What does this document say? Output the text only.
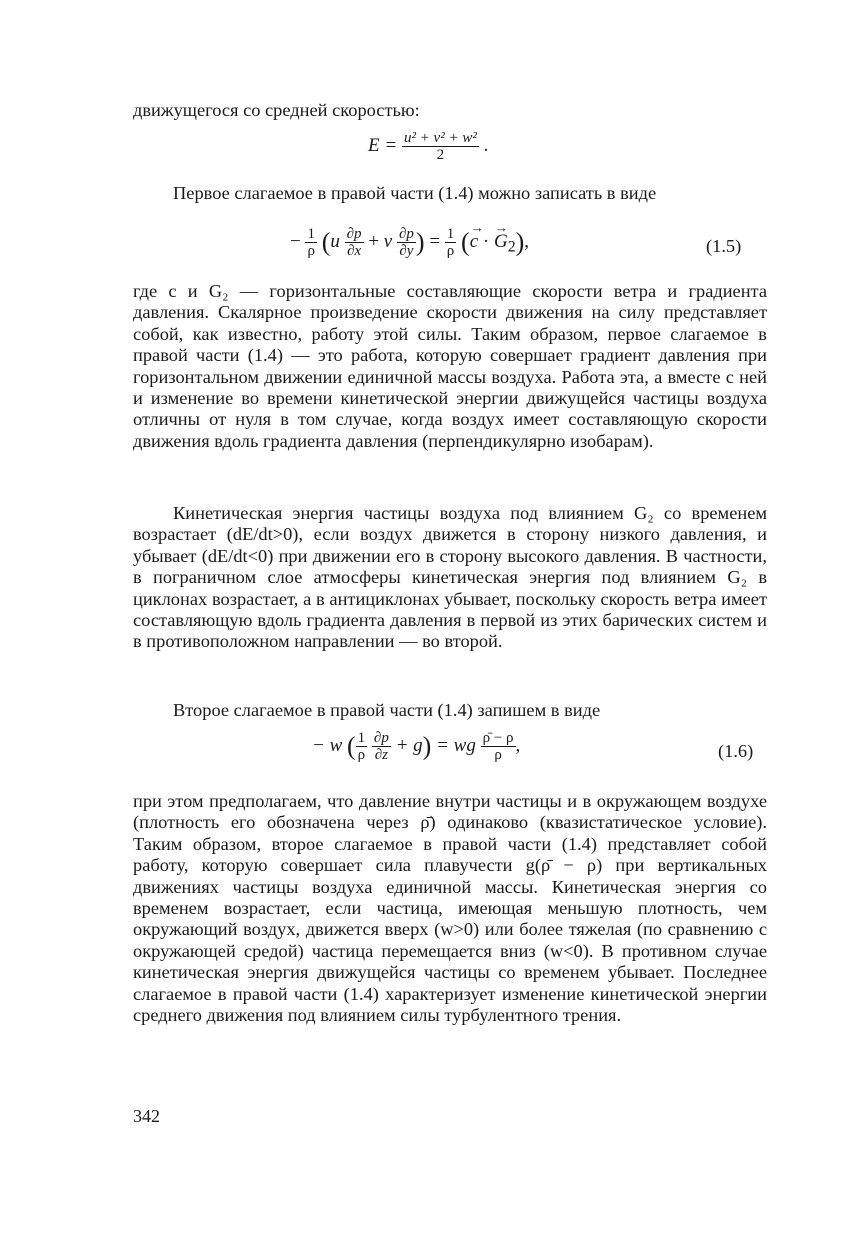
движущегося со средней скоростью:

$E = \frac{\text{u² + v² + w²}}{2}$ .

Первое слагаемое в правой части (1.4) можно записать в виде

− $\frac{1}{\rho} (u \frac{\partial p}{\partial x} + v \frac{\partial p}{\partial y}$ ) = $\frac{1}{\rho}$ (→ c · → $G_2$),	(1.5)

где c и G₂ — горизонтальные составляющие скорости ветра и градиента давления. Скалярное произведение скорости движения на силу представляет собой, как известно, работу этой силы. Таким образом, первое слагаемое в правой части (1.4) — это работа, которую совершает градиент давления при горизонтальном движении единичной массы воздуха. Работа эта, а вместе с ней и изменение во времени кинетической энергии движущейся частицы воздуха отличны от нуля в том случае, когда воздух имеет составляющую скорости движения вдоль градиента давления (перпендикулярно изобарам).

Кинетическая энергия частицы воздуха под влиянием G₂ со временем возрастает (dE/dt>0), если воздух движется в сторону низкого давления, и убывает (dE/dt<0) при движении его в сторону высокого давления. В частности, в пограничном слое атмосферы кинетическая энергия под влиянием G₂ в циклонах возрастает, а в антициклонах убывает, поскольку скорость ветра имеет составляющую вдоль градиента давления в первой из этих барических систем и в противоположном направлении — во второй.

Второе слагаемое в правой части (1.4) запишем в виде

− w ( $\frac{1}{\rho}$
$\frac{\partial p}{\partial z} + g$) = wg $\frac{\rhō - \rho}{\rho}$ ,	(1.6)

при этом предполагаем, что давление внутри частицы и в окружающем воздухе (плотность его обозначена через ρ̄) одинаково (квазистатическое условие). Таким образом, второе слагаемое в правой части (1.4) представляет собой работу, которую совершает сила плавучести g(ρ̄ − ρ) при вертикальных движениях частицы воздуха единичной массы. Кинетическая энергия со временем возрастает, если частица, имеющая меньшую плотность, чем окружающий воздух, движется вверх (w>0) или более тяжелая (по сравнению с окружающей средой) частица перемещается вниз (w<0). В противном случае кинетическая энергия движущейся частицы со временем убывает. Последнее слагаемое в правой части (1.4) характеризует изменение кинетической энергии среднего движения под влиянием силы турбулентного трения.

342
